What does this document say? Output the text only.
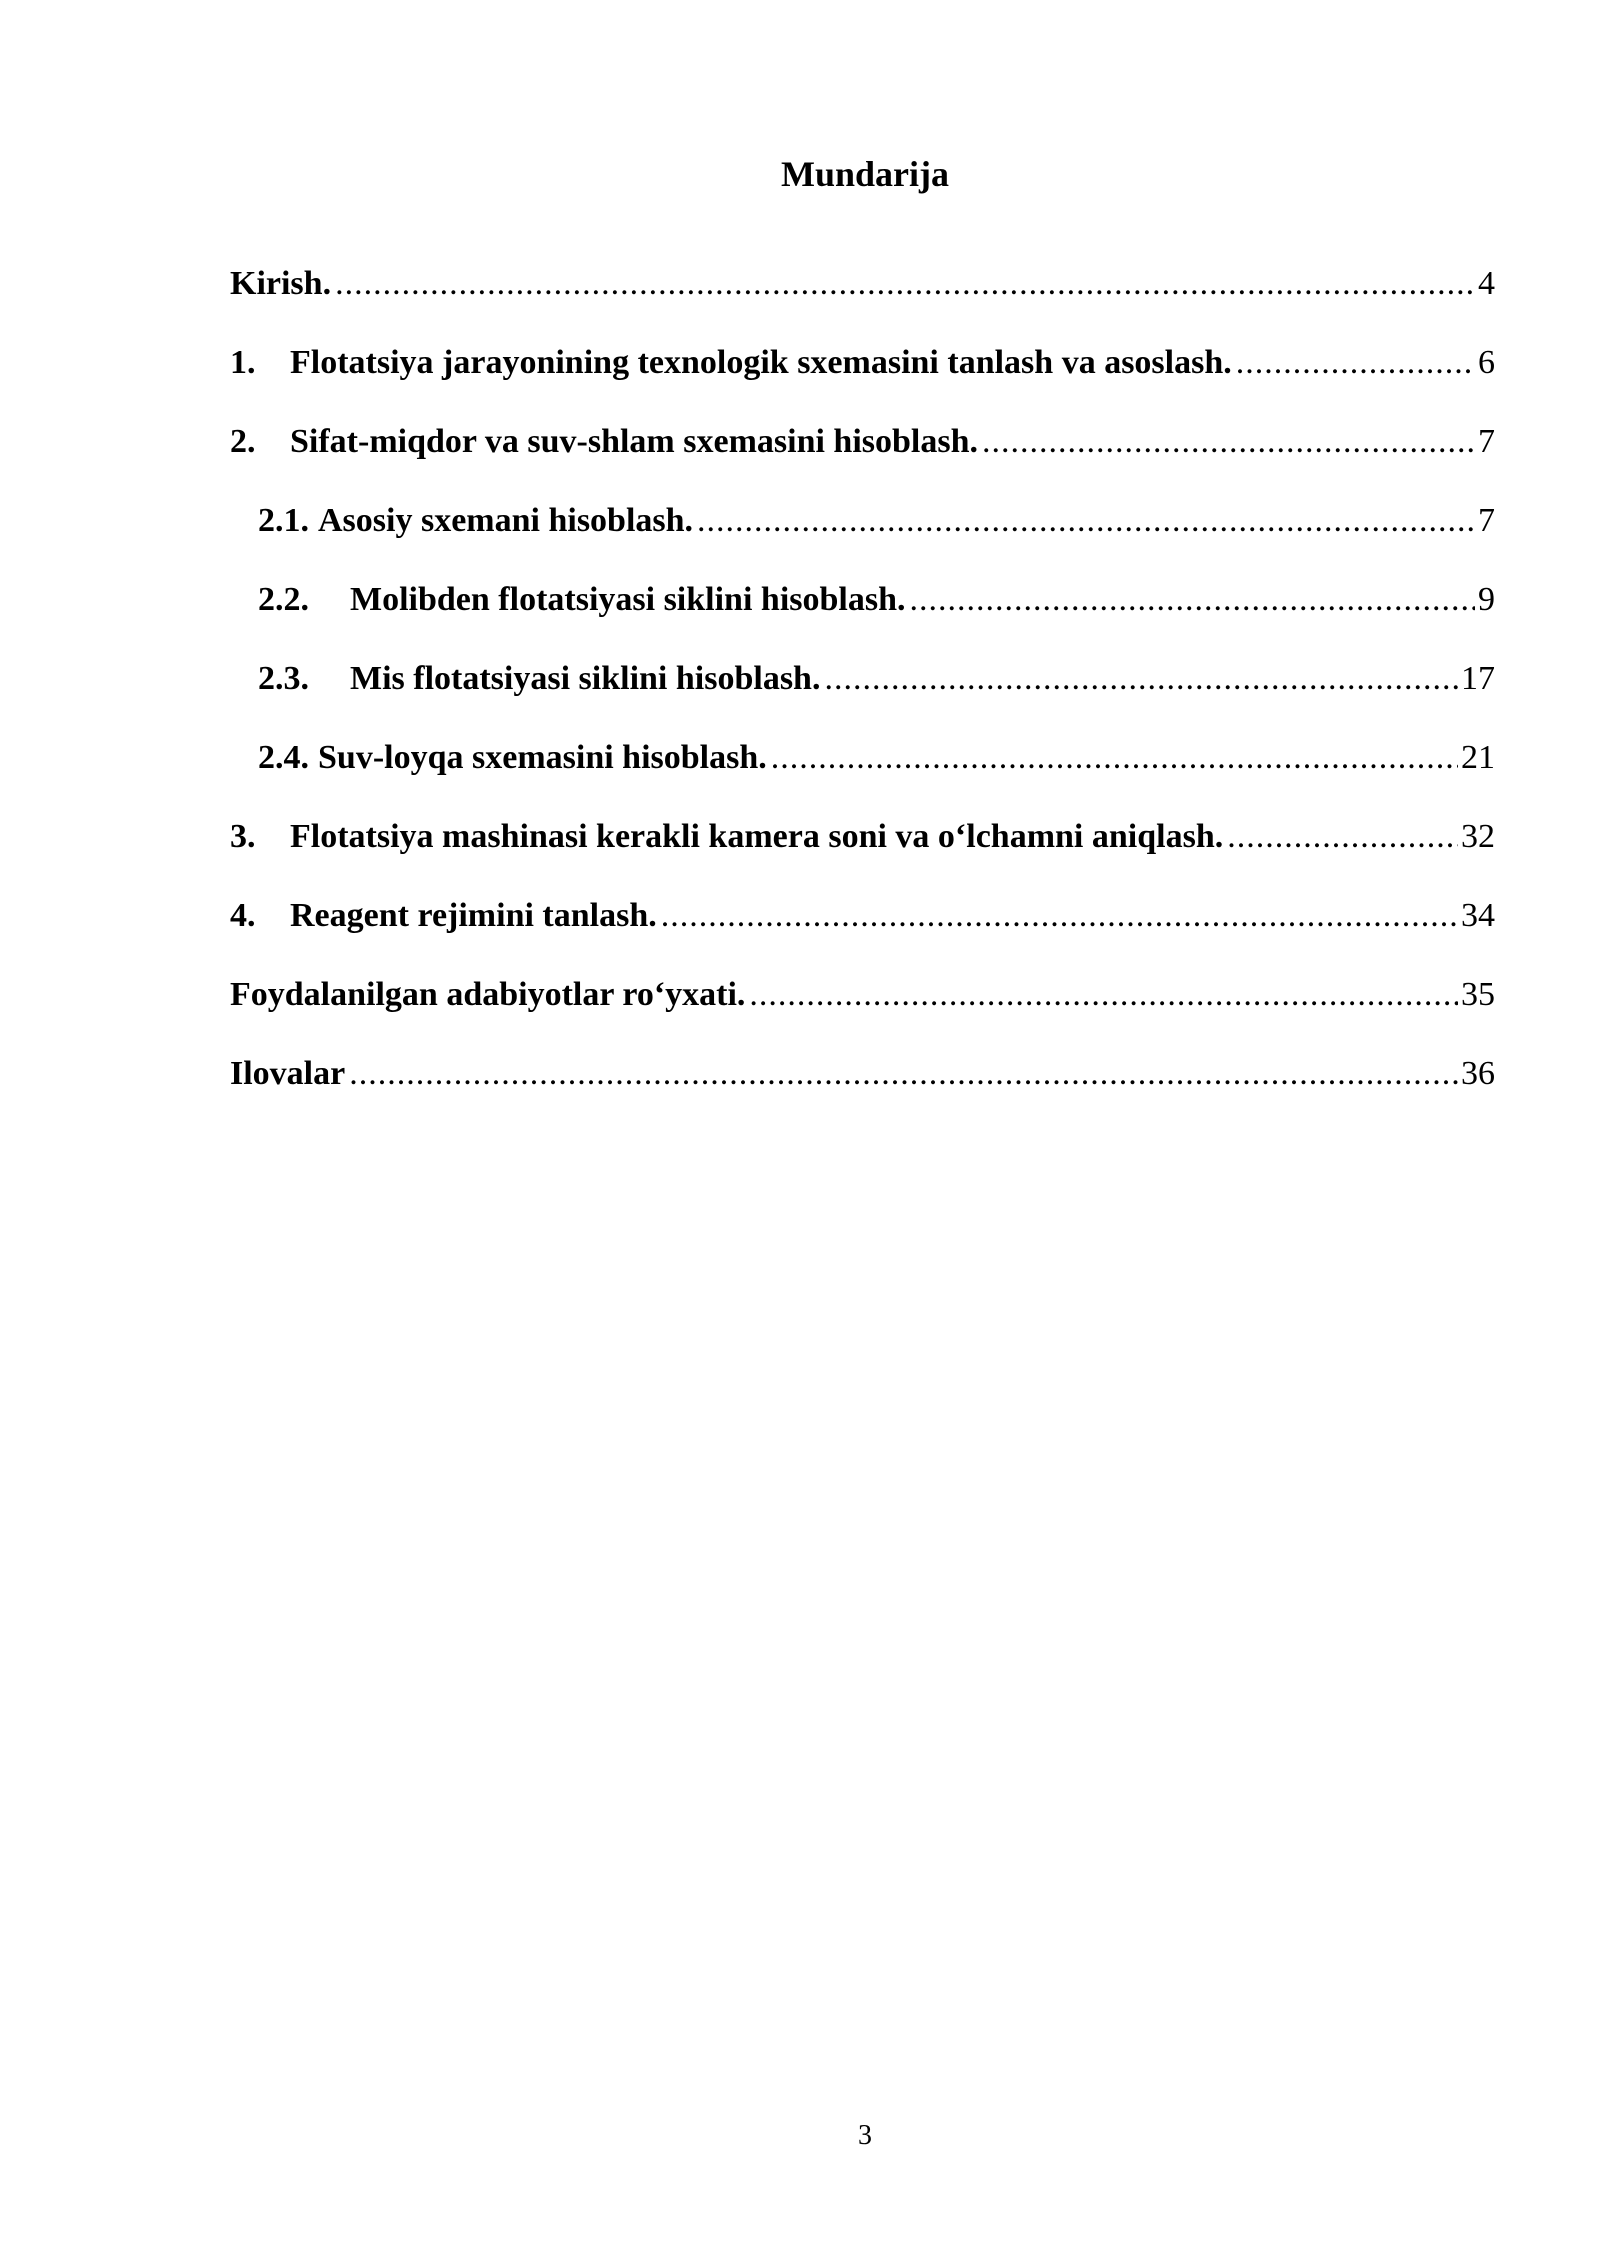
Mundarija
Kirish. .....	4
1.	Flotatsiya jarayonining texnologik sxemasini tanlash va asoslash. .....	6
2.	Sifat-miqdor va suv-shlam sxemasini hisoblash. .....	7
2.1. Asosiy sxemani hisoblash. .....	7
2.2.	Molibden flotatsiyasi siklini hisoblash. .....	9
2.3.	Mis flotatsiyasi siklini hisoblash. .....	17
2.4. Suv-loyqa sxemasini hisoblash. .....	21
3.	Flotatsiya mashinasi kerakli kamera soni va o‘lchamni aniqlash. .....	32
4.	Reagent rejimini tanlash. .....	34
Foydalanilgan adabiyotlar ro‘yxati. .....	35
Ilovalar .....	36
3
